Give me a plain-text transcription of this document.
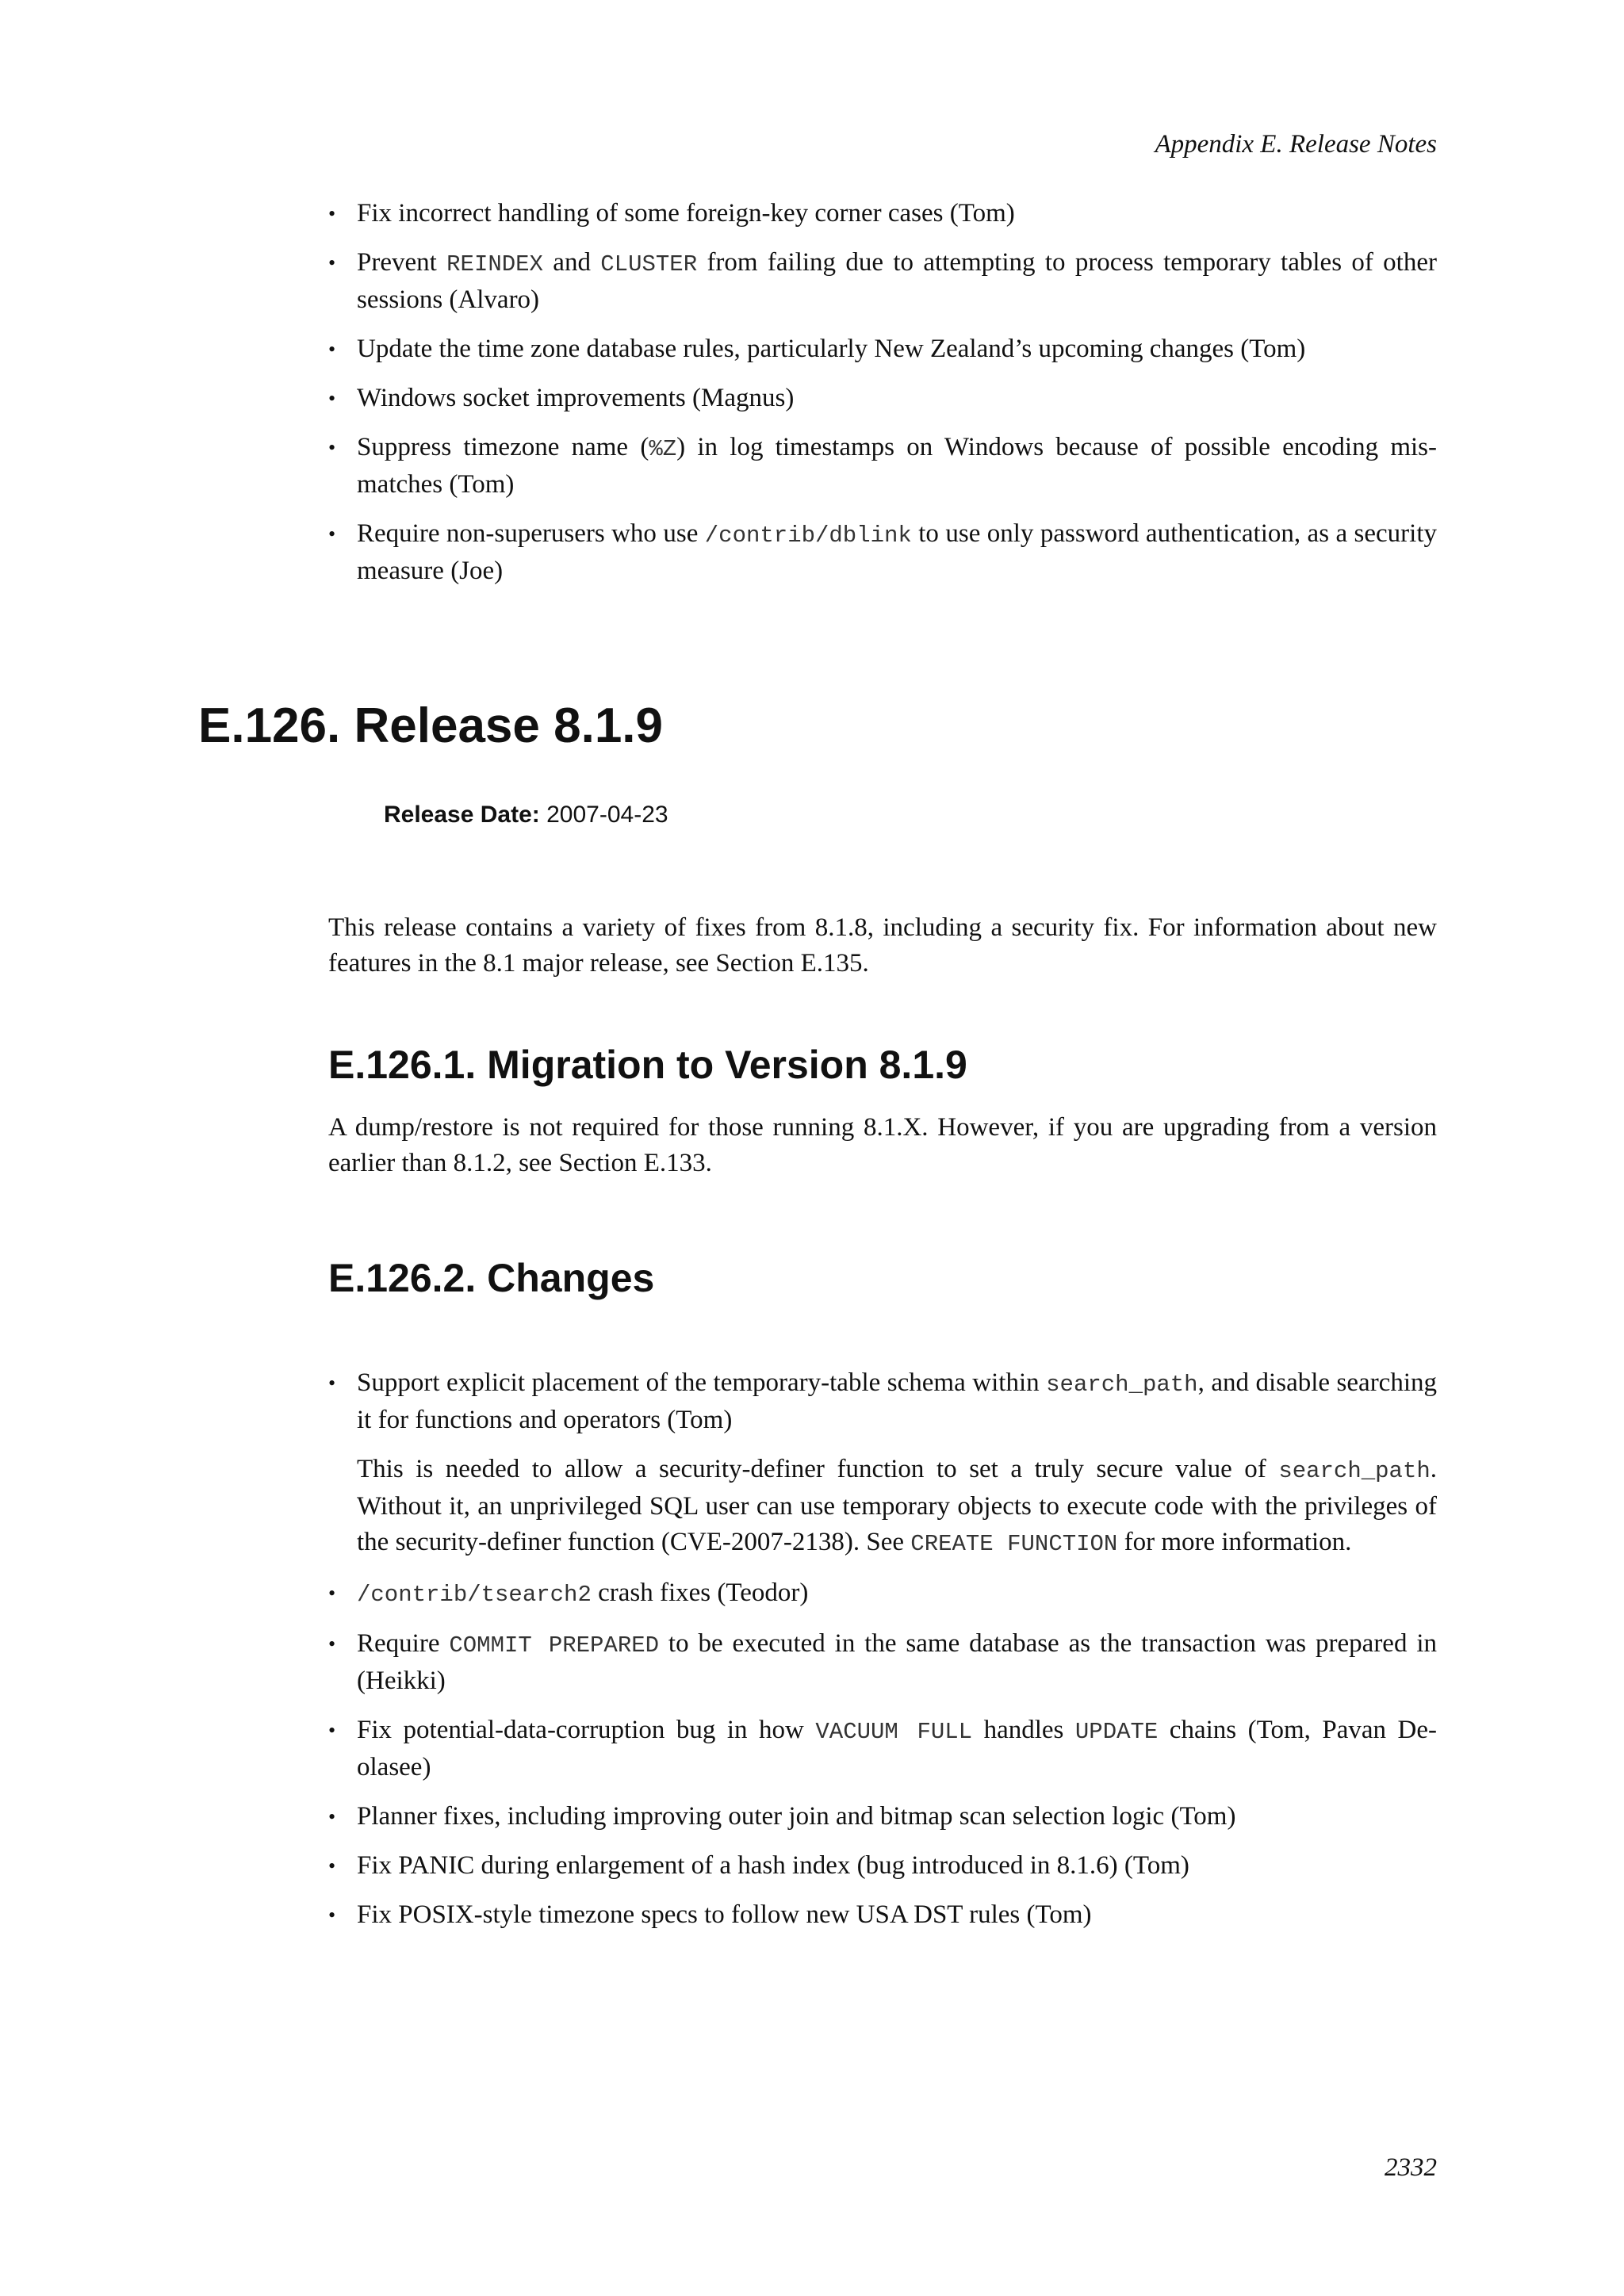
Appendix E. Release Notes
• Fix incorrect handling of some foreign-key corner cases (Tom)
• Prevent REINDEX and CLUSTER from failing due to attempting to process temporary tables of other sessions (Alvaro)
• Update the time zone database rules, particularly New Zealand’s upcoming changes (Tom)
• Windows socket improvements (Magnus)
• Suppress timezone name (%Z) in log timestamps on Windows because of possible encoding mis-matches (Tom)
• Require non-superusers who use /contrib/dblink to use only password authentication, as a security measure (Joe)
E.126. Release 8.1.9
Release Date: 2007-04-23

This release contains a variety of fixes from 8.1.8, including a security fix. For information about new features in the 8.1 major release, see Section E.135.

E.126.1. Migration to Version 8.1.9

A dump/restore is not required for those running 8.1.X. However, if you are upgrading from a version earlier than 8.1.2, see Section E.133.

E.126.2. Changes
• Support explicit placement of the temporary-table schema within search_path, and disable searching it for functions and operators (Tom)

This is needed to allow a security-definer function to set a truly secure value of search_path. Without it, an unprivileged SQL user can use temporary objects to execute code with the privileges of the security-definer function (CVE-2007-2138). See CREATE FUNCTION for more information.

• /contrib/tsearch2 crash fixes (Teodor)
• Require COMMIT PREPARED to be executed in the same database as the transaction was prepared in (Heikki)
• Fix potential-data-corruption bug in how VACUUM FULL handles UPDATE chains (Tom, Pavan De-olasee)
• Planner fixes, including improving outer join and bitmap scan selection logic (Tom)
• Fix PANIC during enlargement of a hash index (bug introduced in 8.1.6) (Tom)
• Fix POSIX-style timezone specs to follow new USA DST rules (Tom)
2332
